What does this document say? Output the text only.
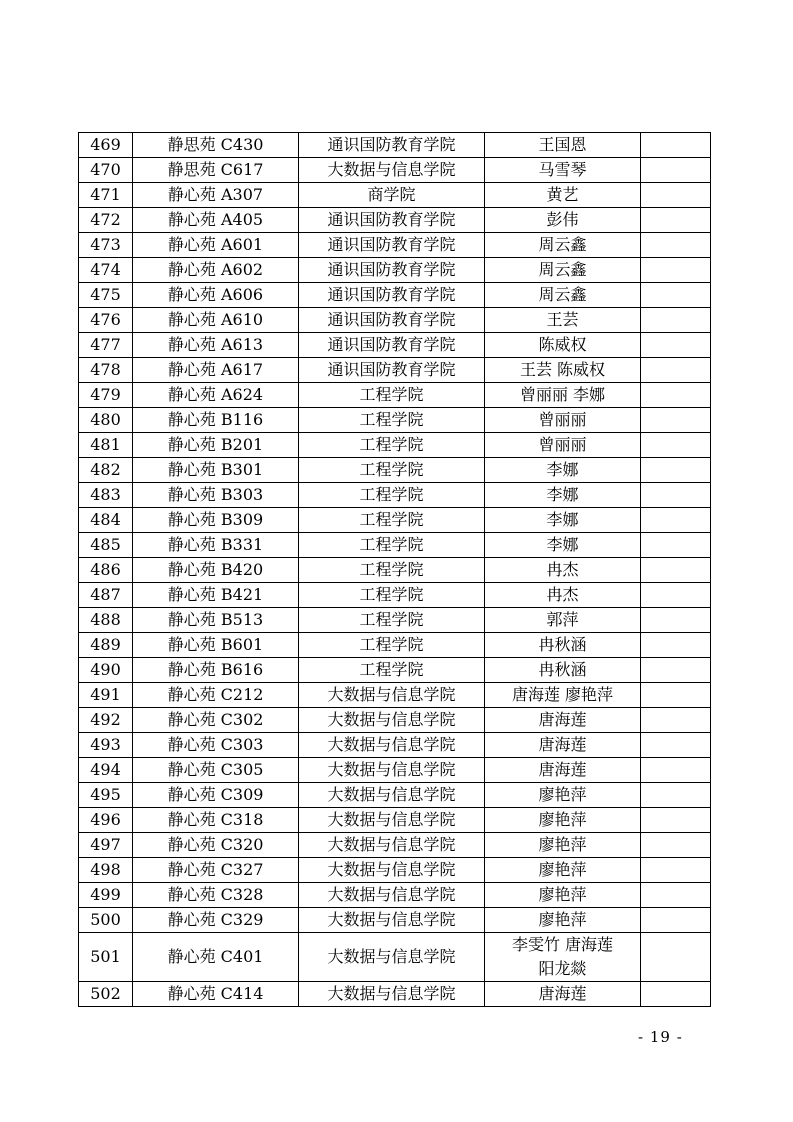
469	静思苑 C430	通识国防教育学院	王国恩	
470	静思苑 C617	大数据与信息学院	马雪琴	
471	静心苑 A307	商学院	黄艺	
472	静心苑 A405	通识国防教育学院	彭伟	
473	静心苑 A601	通识国防教育学院	周云鑫	
474	静心苑 A602	通识国防教育学院	周云鑫	
475	静心苑 A606	通识国防教育学院	周云鑫	
476	静心苑 A610	通识国防教育学院	王芸	
477	静心苑 A613	通识国防教育学院	陈威权	
478	静心苑 A617	通识国防教育学院	王芸 陈威权	
479	静心苑 A624	工程学院	曾丽丽 李娜	
480	静心苑 B116	工程学院	曾丽丽	
481	静心苑 B201	工程学院	曾丽丽	
482	静心苑 B301	工程学院	李娜	
483	静心苑 B303	工程学院	李娜	
484	静心苑 B309	工程学院	李娜	
485	静心苑 B331	工程学院	李娜	
486	静心苑 B420	工程学院	冉杰	
487	静心苑 B421	工程学院	冉杰	
488	静心苑 B513	工程学院	郭萍	
489	静心苑 B601	工程学院	冉秋涵	
490	静心苑 B616	工程学院	冉秋涵	
491	静心苑 C212	大数据与信息学院	唐海莲 廖艳萍	
492	静心苑 C302	大数据与信息学院	唐海莲	
493	静心苑 C303	大数据与信息学院	唐海莲	
494	静心苑 C305	大数据与信息学院	唐海莲	
495	静心苑 C309	大数据与信息学院	廖艳萍	
496	静心苑 C318	大数据与信息学院	廖艳萍	
497	静心苑 C320	大数据与信息学院	廖艳萍	
498	静心苑 C327	大数据与信息学院	廖艳萍	
499	静心苑 C328	大数据与信息学院	廖艳萍	
500	静心苑 C329	大数据与信息学院	廖艳萍	
501	静心苑 C401	大数据与信息学院	李雯竹 唐海莲
阳龙燚	
502	静心苑 C414	大数据与信息学院	唐海莲	
- 19 -
